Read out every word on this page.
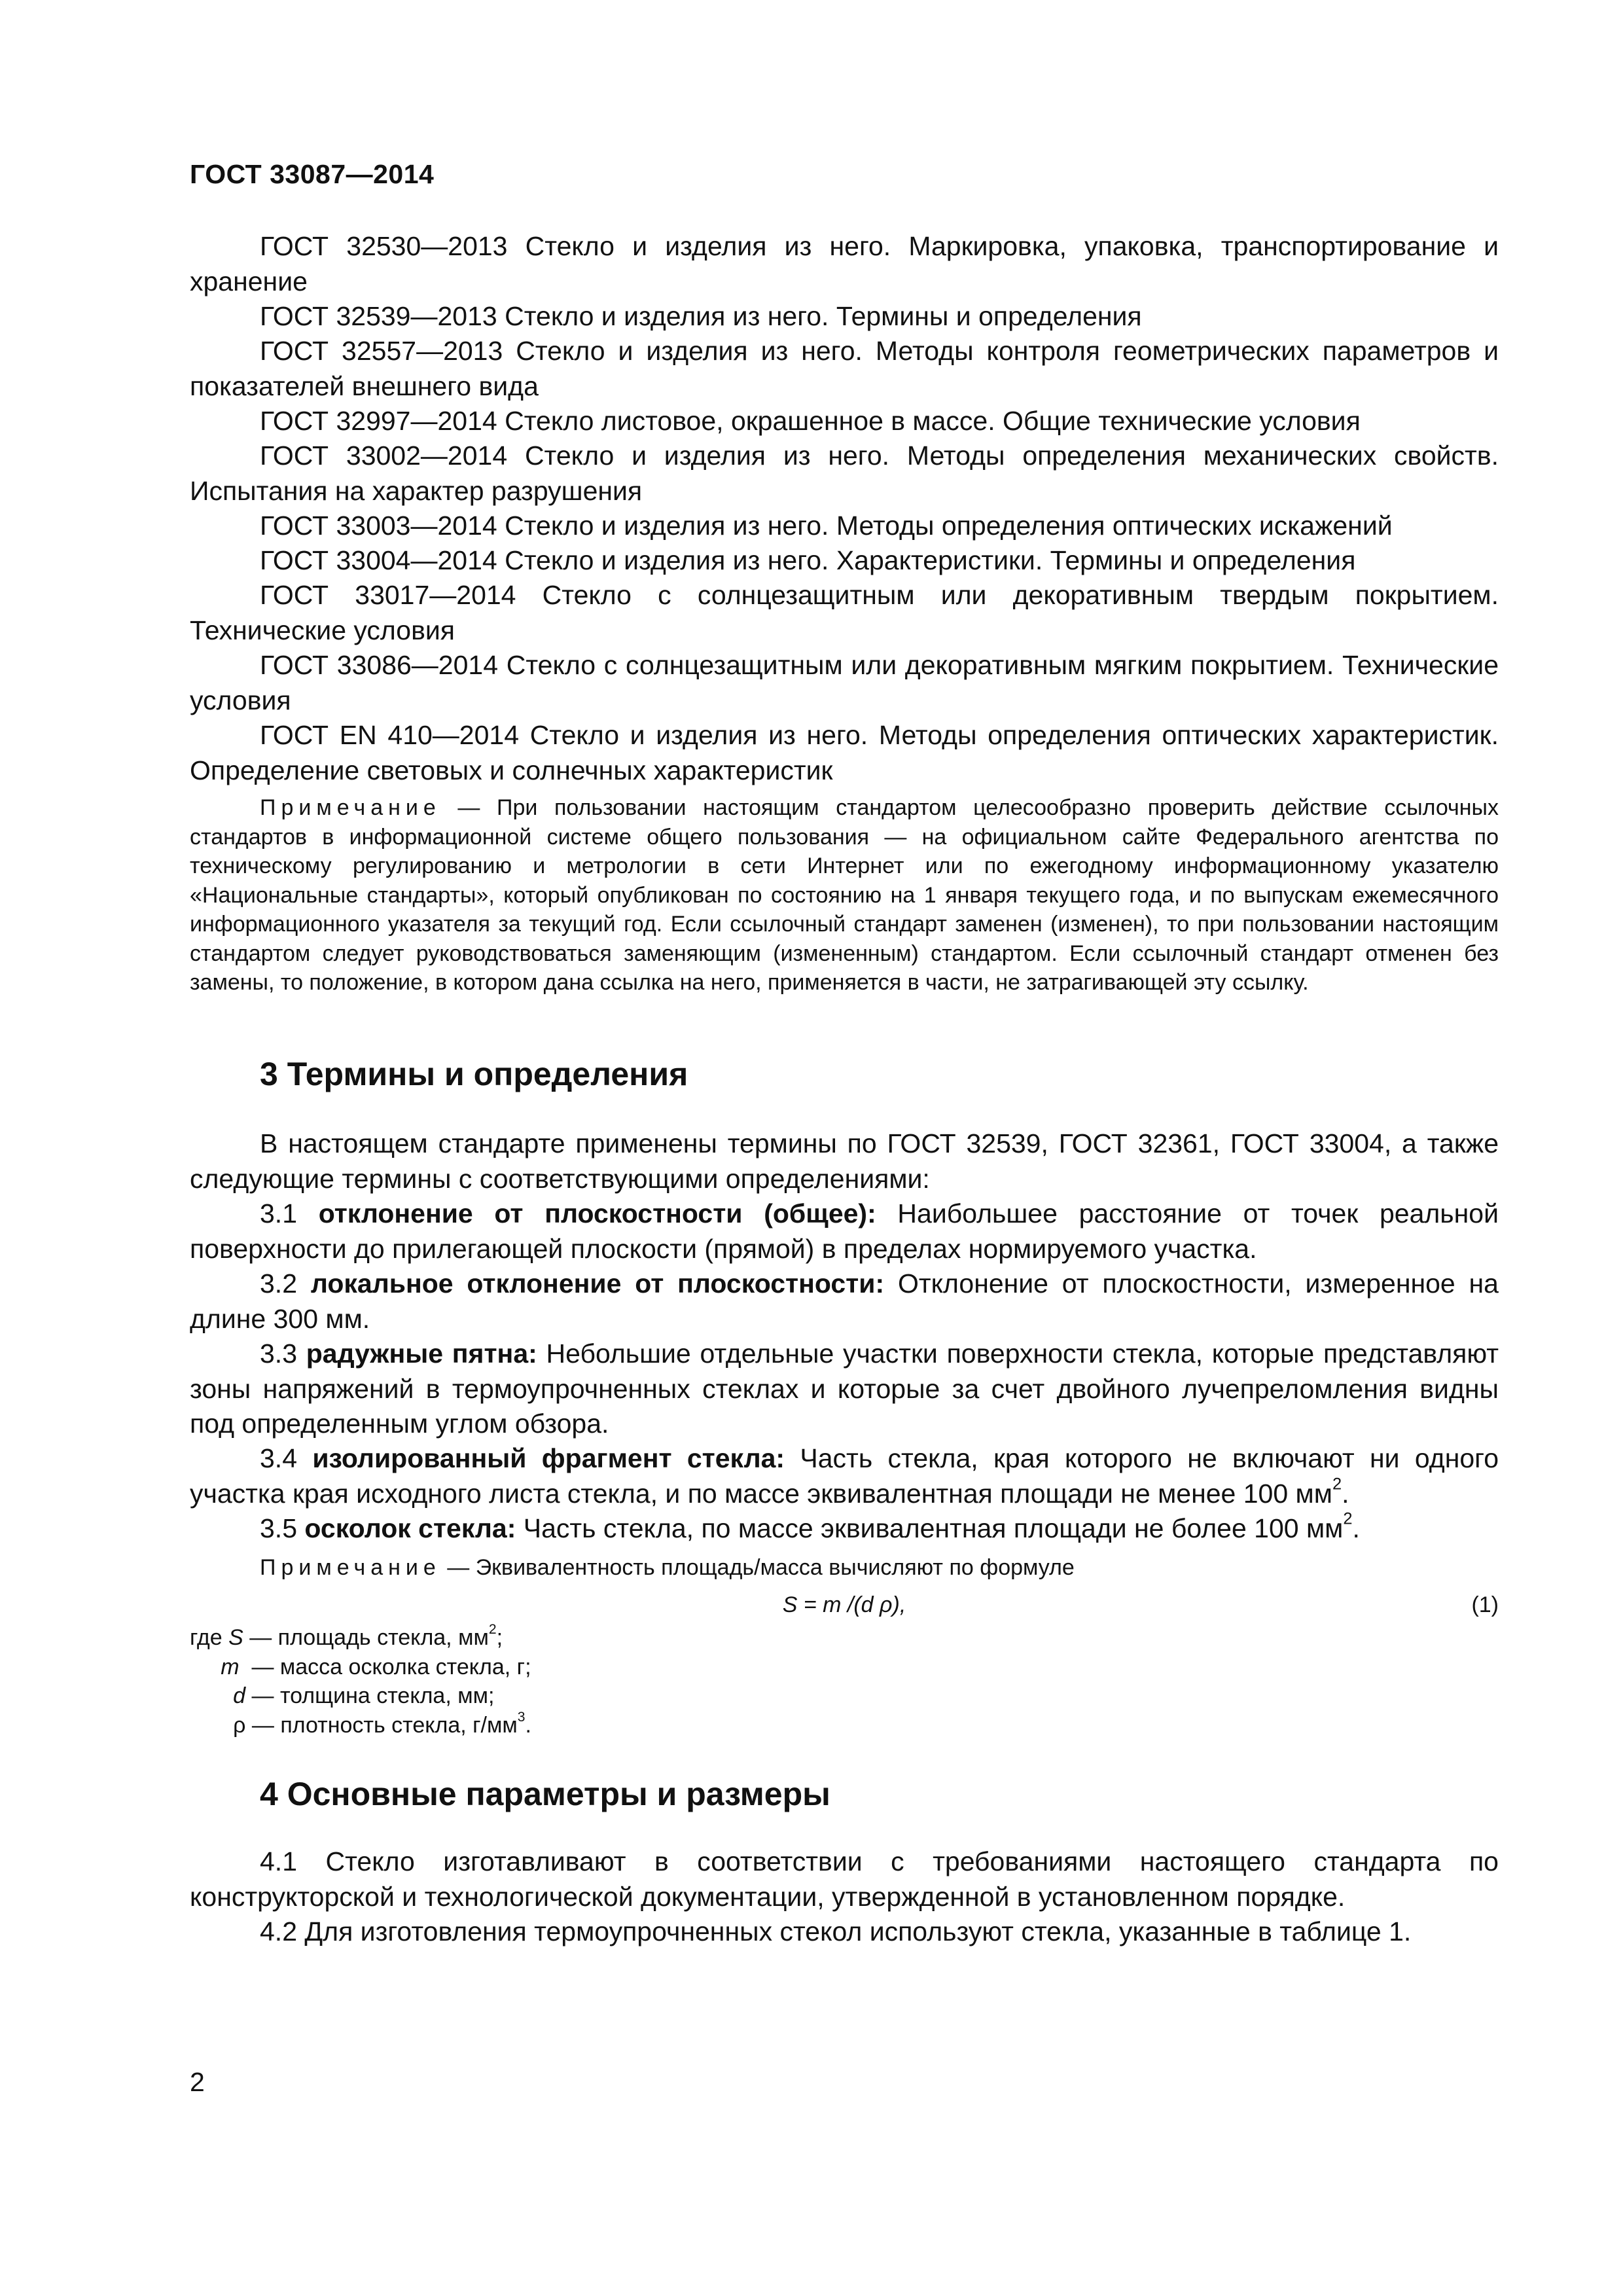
ГОСТ 33087—2014
ГОСТ 32530—2013 Стекло и изделия из него. Маркировка, упаковка, транспортирование и хранение
ГОСТ 32539—2013 Стекло и изделия из него. Термины и определения
ГОСТ 32557—2013 Стекло и изделия из него. Методы контроля геометрических параметров и показателей внешнего вида
ГОСТ 32997—2014 Стекло листовое, окрашенное в массе. Общие технические условия
ГОСТ 33002—2014 Стекло и изделия из него. Методы определения механических свойств. Испытания на характер разрушения
ГОСТ 33003—2014 Стекло и изделия из него. Методы определения оптических искажений
ГОСТ 33004—2014 Стекло и изделия из него. Характеристики. Термины и определения
ГОСТ 33017—2014 Стекло с солнцезащитным или декоративным твердым покрытием. Технические условия
ГОСТ 33086—2014 Стекло с солнцезащитным или декоративным мягким покрытием. Технические условия
ГОСТ EN 410—2014 Стекло и изделия из него. Методы определения оптических характеристик. Определение световых и солнечных характеристик
Примечание — При пользовании настоящим стандартом целесообразно проверить действие ссылочных стандартов в информационной системе общего пользования — на официальном сайте Федерального агентства по техническому регулированию и метрологии в сети Интернет или по ежегодному информационному указателю «Национальные стандарты», который опубликован по состоянию на 1 января текущего года, и по выпускам ежемесячного информационного указателя за текущий год. Если ссылочный стандарт заменен (изменен), то при пользовании настоящим стандартом следует руководствоваться заменяющим (измененным) стандартом. Если ссылочный стандарт отменен без замены, то положение, в котором дана ссылка на него, применяется в части, не затрагивающей эту ссылку.
3 Термины и определения
В настоящем стандарте применены термины по ГОСТ 32539, ГОСТ 32361, ГОСТ 33004, а также следующие термины с соответствующими определениями:
3.1 отклонение от плоскостности (общее): Наибольшее расстояние от точек реальной поверхности до прилегающей плоскости (прямой) в пределах нормируемого участка.
3.2 локальное отклонение от плоскостности: Отклонение от плоскостности, измеренное на длине 300 мм.
3.3 радужные пятна: Небольшие отдельные участки поверхности стекла, которые представляют зоны напряжений в термоупрочненных стеклах и которые за счет двойного лучепреломления видны под определенным углом обзора.
3.4 изолированный фрагмент стекла: Часть стекла, края которого не включают ни одного участка края исходного листа стекла, и по массе эквивалентная площади не менее 100 $мм^2$.
3.5 осколок стекла: Часть стекла, по массе эквивалентная площади не более 100 $мм^2$.
Примечание — Эквивалентность площадь/масса вычисляют по формуле
S = m /(d ρ),	(1)
где S — площадь стекла, $мм^2$;
m  — масса осколка стекла, г;
d — толщина стекла, мм;
ρ — плотность стекла, $г/мм^3$.
4 Основные параметры и размеры
4.1 Стекло изготавливают в соответствии с требованиями настоящего стандарта по конструкторской и технологической документации, утвержденной в установленном порядке.
4.2 Для изготовления термоупрочненных стекол используют стекла, указанные в таблице 1.
2
